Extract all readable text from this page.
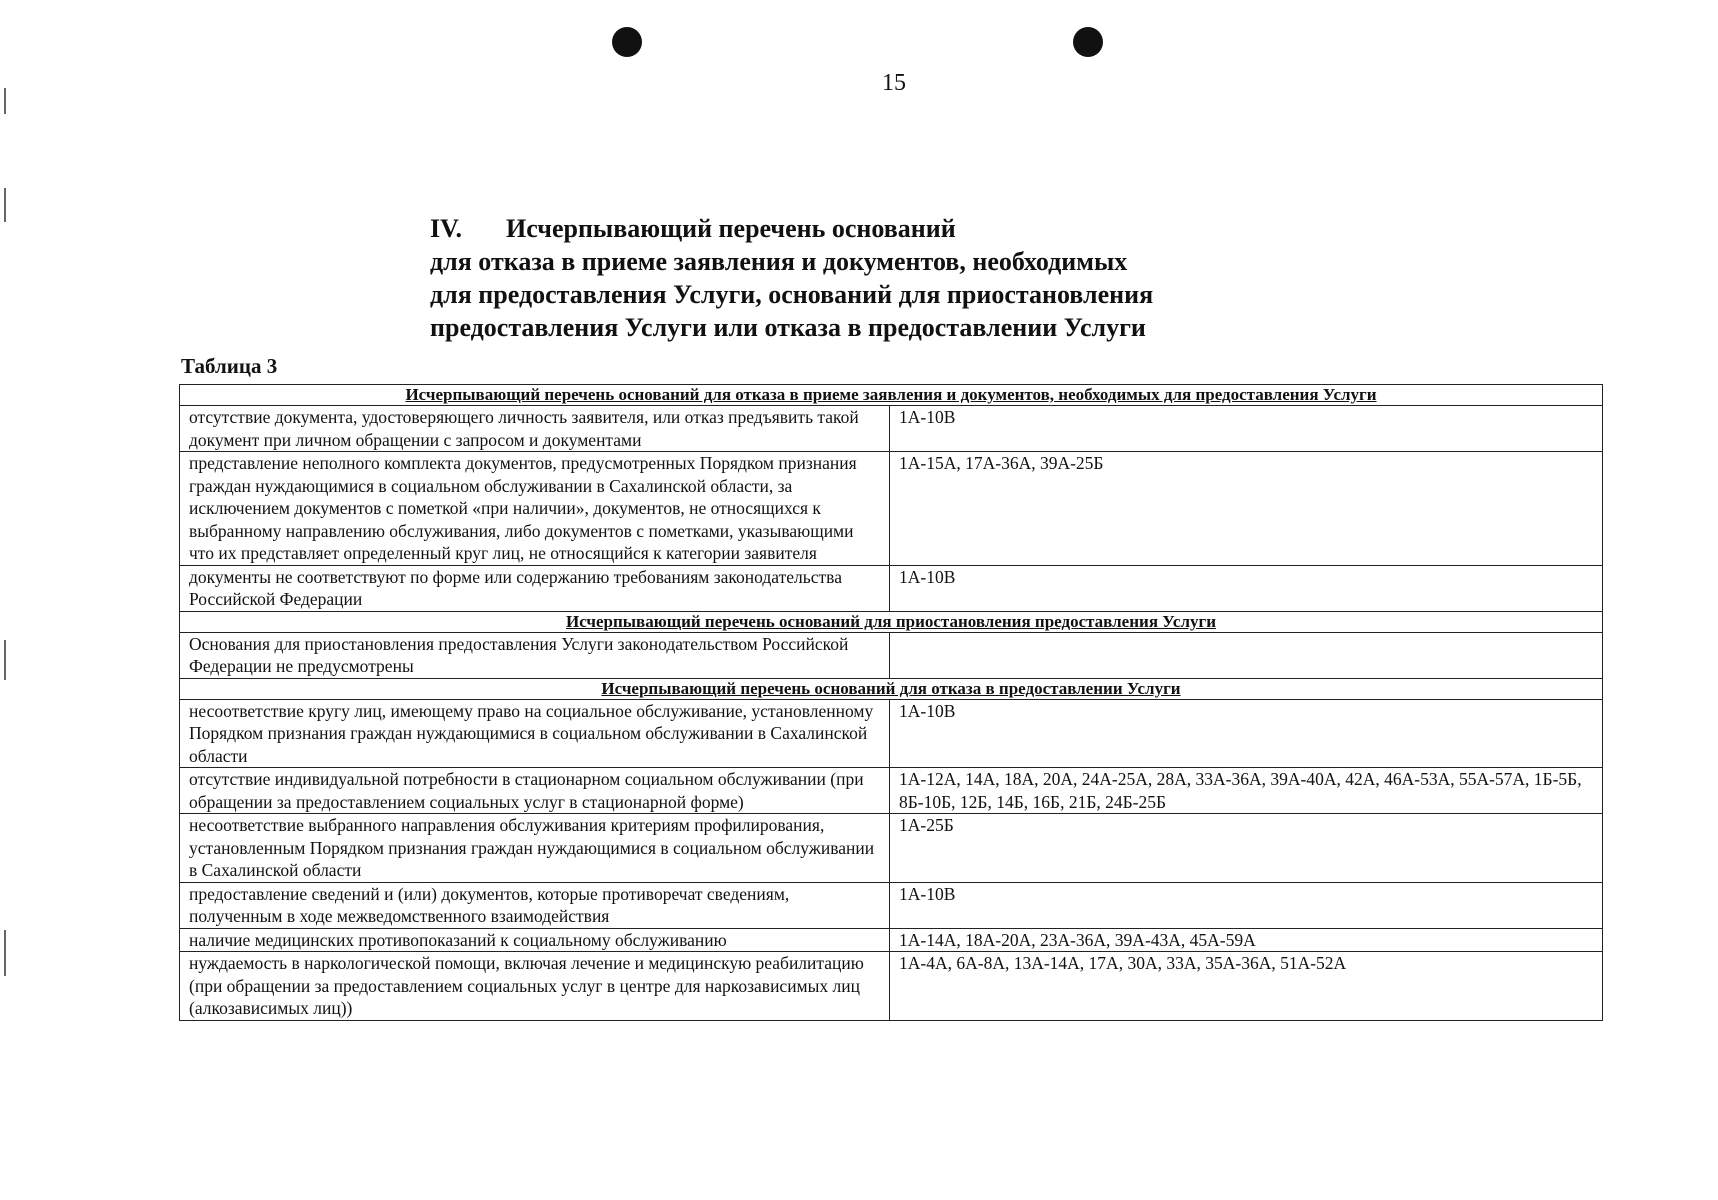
15
IV. Исчерпывающий перечень оснований
для отказа в приеме заявления и документов, необходимых
для предоставления Услуги, оснований для приостановления
предоставления Услуги или отказа в предоставлении Услуги
Таблица 3
Исчерпывающий перечень оснований для отказа в приеме заявления и документов, необходимых для предоставления Услуги	
отсутствие документа, удостоверяющего личность заявителя, или отказ предъявить такой документ при личном обращении с запросом и документами	1А-10В
представление неполного комплекта документов, предусмотренных Порядком признания граждан нуждающимися в социальном обслуживании в Сахалинской области, за исключением документов с пометкой «при наличии», документов, не относящихся к выбранному направлению обслуживания, либо документов с пометками, указывающими что их представляет определенный круг лиц, не относящийся к категории заявителя	1А-15А, 17А-36А, 39А-25Б
документы не соответствуют по форме или содержанию требованиям законодательства Российской Федерации	1А-10В
Исчерпывающий перечень оснований для приостановления предоставления Услуги	
Основания для приостановления предоставления Услуги законодательством Российской Федерации не предусмотрены	
Исчерпывающий перечень оснований для отказа в предоставлении Услуги	
несоответствие кругу лиц, имеющему право на социальное обслуживание, установленному Порядком признания граждан нуждающимися в социальном обслуживании в Сахалинской области	1А-10В
отсутствие индивидуальной потребности в стационарном социальном обслуживании (при обращении за предоставлением социальных услуг в стационарной форме)	1А-12А, 14А, 18А, 20А, 24А-25А, 28А, 33А-36А, 39А-40А, 42А, 46А-53А, 55А-57А, 1Б-5Б, 8Б-10Б, 12Б, 14Б, 16Б, 21Б, 24Б-25Б
несоответствие выбранного направления обслуживания критериям профилирования, установленным Порядком признания граждан нуждающимися в социальном обслуживании в Сахалинской области	1А-25Б
предоставление сведений и (или) документов, которые противоречат сведениям, полученным в ходе межведомственного взаимодействия	1А-10В
наличие медицинских противопоказаний к социальному обслуживанию	1А-14А, 18А-20А, 23А-36А, 39А-43А, 45А-59А
нуждаемость в наркологической помощи, включая лечение и медицинскую реабилитацию (при обращении за предоставлением социальных услуг в центре для наркозависимых лиц (алкозависимых лиц))	1А-4А, 6А-8А, 13А-14А, 17А, 30А, 33А, 35А-36А, 51А-52А
